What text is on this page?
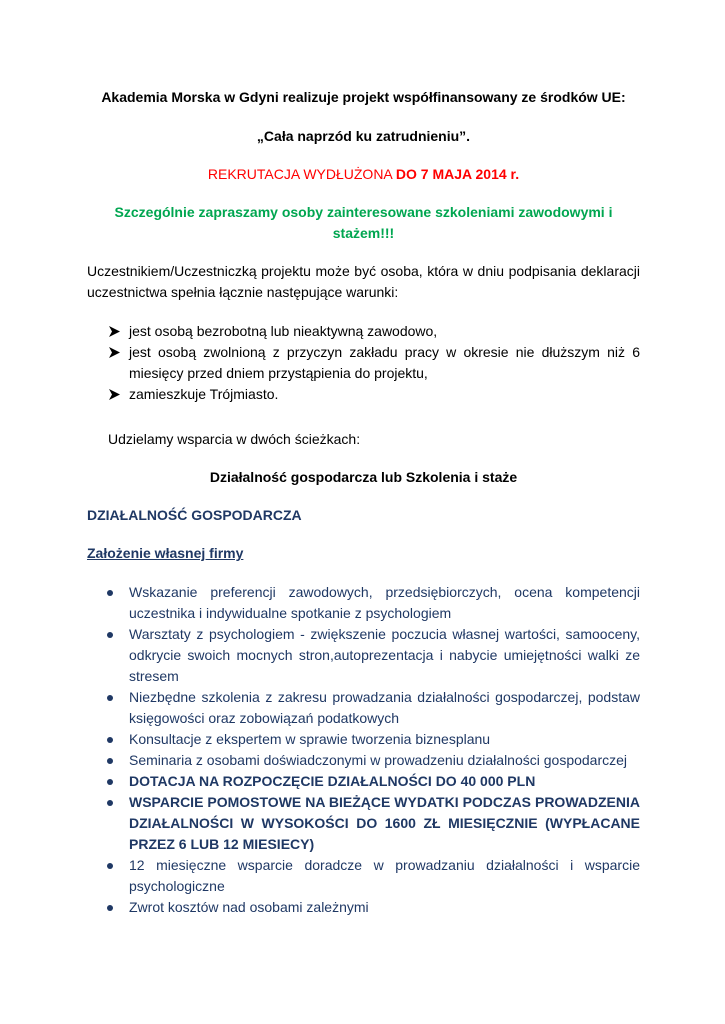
Akademia Morska w Gdyni realizuje projekt współfinansowany ze środków UE:

„Cała naprzód ku zatrudnieniu”.

REKRUTACJA WYDŁUŻONA DO 7 MAJA 2014 r.

Szczególnie zapraszamy osoby zainteresowane szkoleniami zawodowymi i stażem!!!

Uczestnikiem/Uczestniczką projektu może być osoba, która w dniu podpisania deklaracji uczestnictwa spełnia łącznie następujące warunki:

jest osobą bezrobotną lub nieaktywną zawodowo,
jest osobą zwolnioną z przyczyn zakładu pracy w okresie nie dłuższym niż 6 miesięcy przed dniem przystąpienia do projektu,
zamieszkuje Trójmiasto.

Udzielamy wsparcia w dwóch ścieżkach:

Działalność gospodarcza lub Szkolenia i staże

DZIAŁALNOŚĆ GOSPODARCZA

Założenie własnej firmy

Wskazanie preferencji zawodowych, przedsiębiorczych, ocena kompetencji uczestnika i indywidualne spotkanie z psychologiem
Warsztaty z psychologiem - zwiększenie poczucia własnej wartości, samooceny, odkrycie swoich mocnych stron,autoprezentacja i nabycie umiejętności walki ze stresem
Niezbędne szkolenia z zakresu prowadzania działalności gospodarczej, podstaw księgowości oraz zobowiązań podatkowych
Konsultacje z ekspertem w sprawie tworzenia biznesplanu
Seminaria z osobami doświadczonymi w prowadzeniu działalności gospodarczej
DOTACJA NA ROZPOCZĘCIE DZIAŁALNOŚCI DO 40 000 PLN
WSPARCIE POMOSTOWE NA BIEŻĄCE WYDATKI PODCZAS PROWADZENIA DZIAŁALNOŚCI W WYSOKOŚCI DO 1600 ZŁ MIESIĘCZNIE (WYPŁACANE PRZEZ 6 LUB 12 MIESIECY)
12 miesięczne wsparcie doradcze w prowadzaniu działalności i wsparcie psychologiczne
Zwrot kosztów nad osobami zależnymi
